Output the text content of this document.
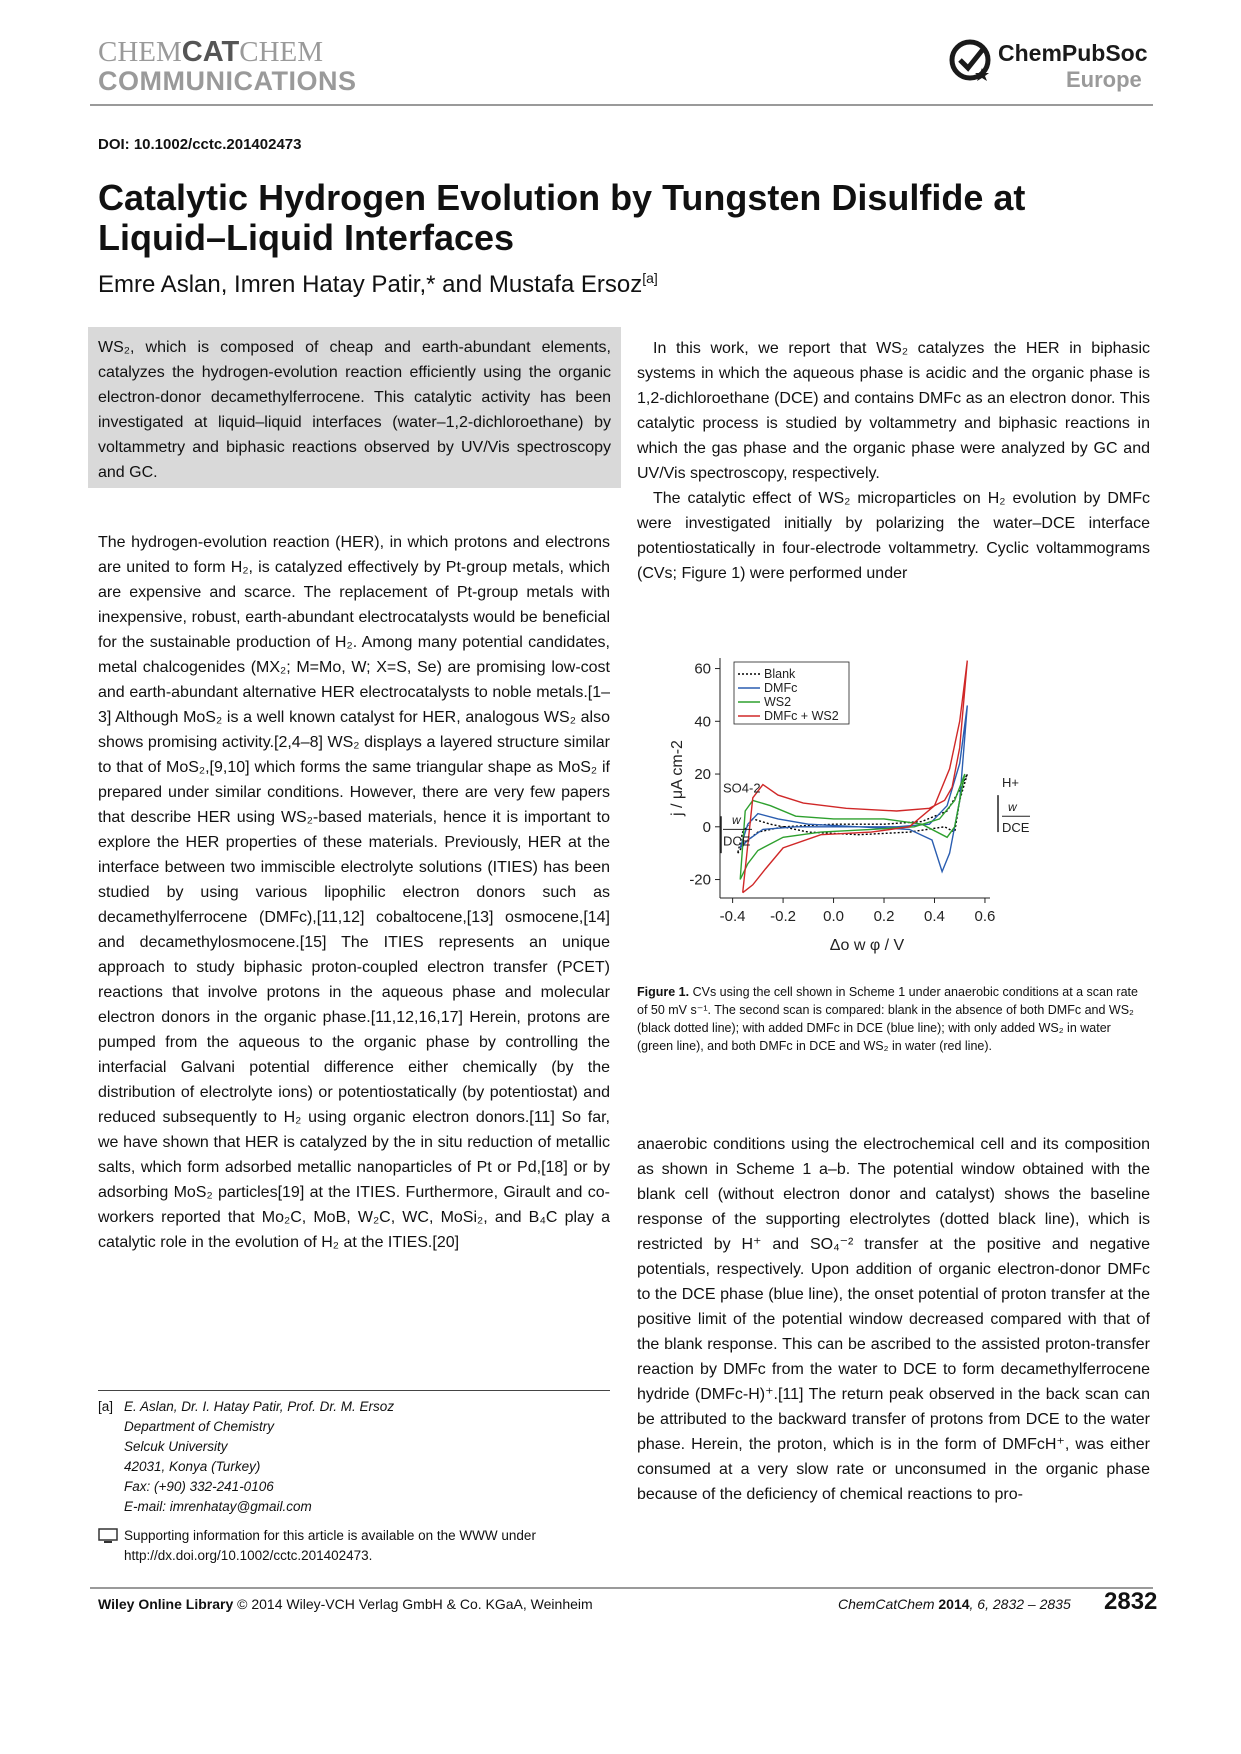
CHEMCATCHEM
COMMUNICATIONS
ChemPubSoc
Europe
DOI: 10.1002/cctc.201402473
Catalytic Hydrogen Evolution by Tungsten Disulfide at Liquid–Liquid Interfaces
Emre Aslan, Imren Hatay Patir,* and Mustafa Ersoz[a]

WS₂, which is composed of cheap and earth-abundant elements, catalyzes the hydrogen-evolution reaction efficiently using the organic electron-donor decamethylferrocene. This catalytic activity has been investigated at liquid–liquid interfaces (water–1,2-dichloroethane) by voltammetry and biphasic reactions observed by UV/Vis spectroscopy and GC.

The hydrogen-evolution reaction (HER), in which protons and electrons are united to form H₂, is catalyzed effectively by Pt-group metals, which are expensive and scarce. The replacement of Pt-group metals with inexpensive, robust, earth-abundant electrocatalysts would be beneficial for the sustainable production of H₂. Among many potential candidates, metal chalcogenides (MX₂; M=Mo, W; X=S, Se) are promising low-cost and earth-abundant alternative HER electrocatalysts to noble metals.[1–3] Although MoS₂ is a well known catalyst for HER, analogous WS₂ also shows promising activity.[2,4–8] WS₂ displays a layered structure similar to that of MoS₂,[9,10] which forms the same triangular shape as MoS₂ if prepared under similar conditions. However, there are very few papers that describe HER using WS₂-based materials, hence it is important to explore the HER properties of these materials. Previously, HER at the interface between two immiscible electrolyte solutions (ITIES) has been studied by using various lipophilic electron donors such as decamethylferrocene (DMFc),[11,12] cobaltocene,[13] osmocene,[14] and decamethylosmocene.[15] The ITIES represents an unique approach to study biphasic proton-coupled electron transfer (PCET) reactions that involve protons in the aqueous phase and molecular electron donors in the organic phase.[11,12,16,17] Herein, protons are pumped from the aqueous to the organic phase by controlling the interfacial Galvani potential difference either chemically (by the distribution of electrolyte ions) or potentiostatically (by potentiostat) and reduced subsequently to H₂ using organic electron donors.[11] So far, we have shown that HER is catalyzed by the in situ reduction of metallic salts, which form adsorbed metallic nanoparticles of Pt or Pd,[18] or by adsorbing MoS₂ particles[19] at the ITIES. Furthermore, Girault and co-workers reported that Mo₂C, MoB, W₂C, WC, MoSi₂, and B₄C play a catalytic role in the evolution of H₂ at the ITIES.[20]

In this work, we report that WS₂ catalyzes the HER in biphasic systems in which the aqueous phase is acidic and the organic phase is 1,2-dichloroethane (DCE) and contains DMFc as an electron donor. This catalytic process is studied by voltammetry and biphasic reactions in which the gas phase and the organic phase were analyzed by GC and UV/Vis spectroscopy, respectively.

The catalytic effect of WS₂ microparticles on H₂ evolution by DMFc were investigated initially by polarizing the water–DCE interface potentiostatically in four-electrode voltammetry. Cyclic voltammograms (CVs; Figure 1) were performed under

60
40
20
0
-20
-0.4 -0.2 0.0 0.2 0.4 0.6
Δo w φ / V
j / μA cm-2
Blank
DMFc
WS2
DMFc + WS2
SO4-2
w
DCE
H+
w
DCE
Figure 1. CVs using the cell shown in Scheme 1 under anaerobic conditions at a scan rate of 50 mV s⁻¹. The second scan is compared: blank in the absence of both DMFc and WS₂ (black dotted line); with added DMFc in DCE (blue line); with only added WS₂ in water (green line), and both DMFc in DCE and WS₂ in water (red line).

anaerobic conditions using the electrochemical cell and its composition as shown in Scheme 1 a–b. The potential window obtained with the blank cell (without electron donor and catalyst) shows the baseline response of the supporting electrolytes (dotted black line), which is restricted by H⁺ and SO₄⁻² transfer at the positive and negative potentials, respectively. Upon addition of organic electron-donor DMFc to the DCE phase (blue line), the onset potential of proton transfer at the positive limit of the potential window decreased compared with that of the blank response. This can be ascribed to the assisted proton-transfer reaction by DMFc from the water to DCE to form decamethylferrocene hydride (DMFc-H)⁺.[11] The return peak observed in the back scan can be attributed to the backward transfer of protons from DCE to the water phase. Herein, the proton, which is in the form of DMFcH⁺, was either consumed at a very slow rate or unconsumed in the organic phase because of the deficiency of chemical reactions to pro-

[a] E. Aslan, Dr. I. Hatay Patir, Prof. Dr. M. Ersoz
Department of Chemistry
Selcuk University
42031, Konya (Turkey)
Fax: (+90) 332-241-0106
E-mail: imrenhatay@gmail.com
Supporting information for this article is available on the WWW under
http://dx.doi.org/10.1002/cctc.201402473.
Wiley Online Library © 2014 Wiley-VCH Verlag GmbH & Co. KGaA, Weinheim	ChemCatChem 2014, 6, 2832 – 2835 2832
